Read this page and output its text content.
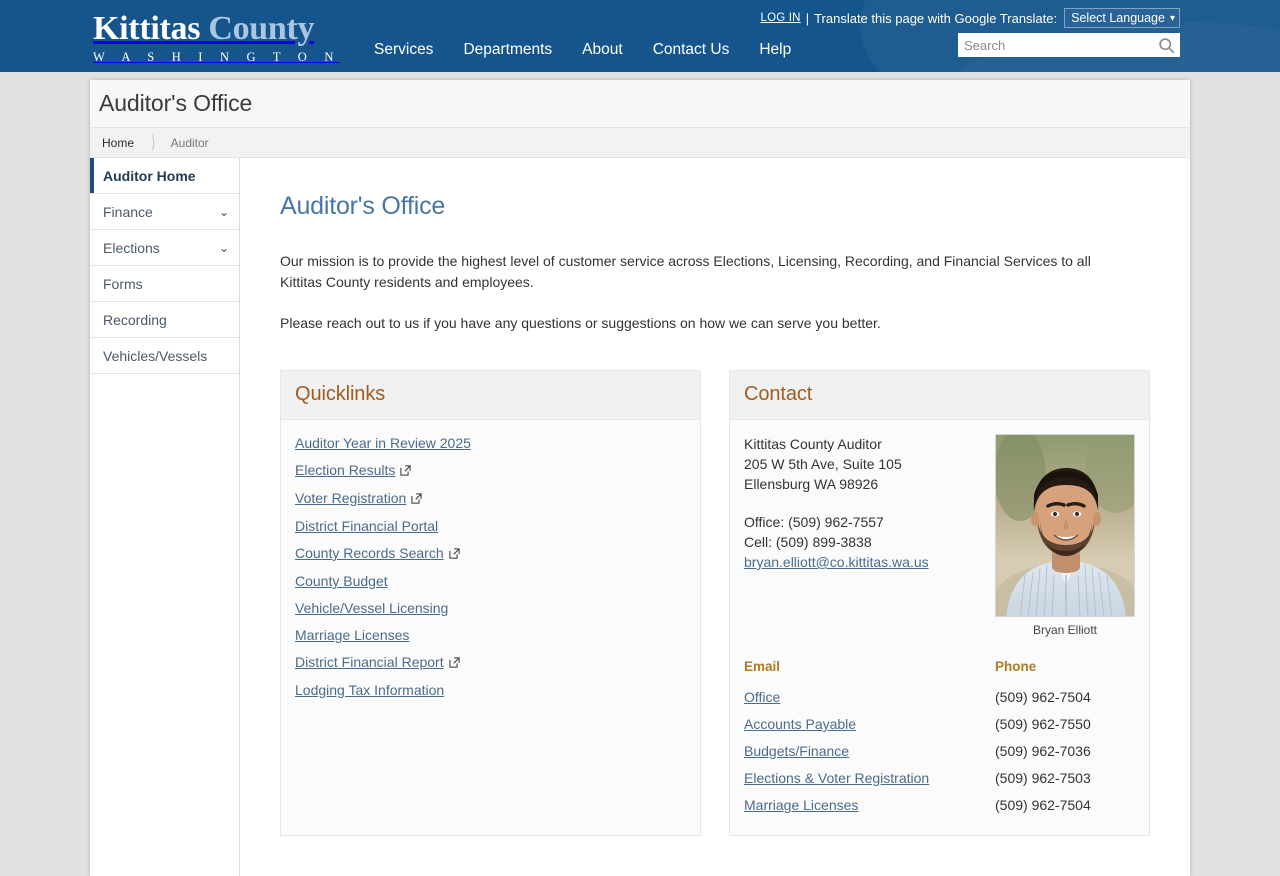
Kittitas County
W A S H I N G T O N Services Departments About Contact Us Help
LOG IN | Translate this page with Google Translate: Select Language ▾
Search
Auditor's Office
Home ⟩ Auditor
Auditor Home
Finance	⌄
Elections	⌄
Forms
Recording
Vehicles/Vessels
Auditor's Office

Our mission is to provide the highest level of customer service across Elections, Licensing, Recording, and Financial Services to all Kittitas County residents and employees.

Please reach out to us if you have any questions or suggestions on how we can serve you better.

Quicklinks
Auditor Year in Review 2025
Election Results
Voter Registration
District Financial Portal
County Records Search
County Budget
Vehicle/Vessel Licensing
Marriage Licenses
District Financial Report
Lodging Tax Information
Contact

Kittitas County Auditor

205 W 5th Ave, Suite 105

Ellensburg WA 98926

Office: (509) 962-7557

Cell: (509) 899-3838

bryan.elliott@co.kittitas.wa.us

Bryan Elliott
Email	Phone
Office	(509) 962-7504
Accounts Payable	(509) 962-7550
Budgets/Finance	(509) 962-7036
Elections & Voter Registration	(509) 962-7503
Marriage Licenses	(509) 962-7504
